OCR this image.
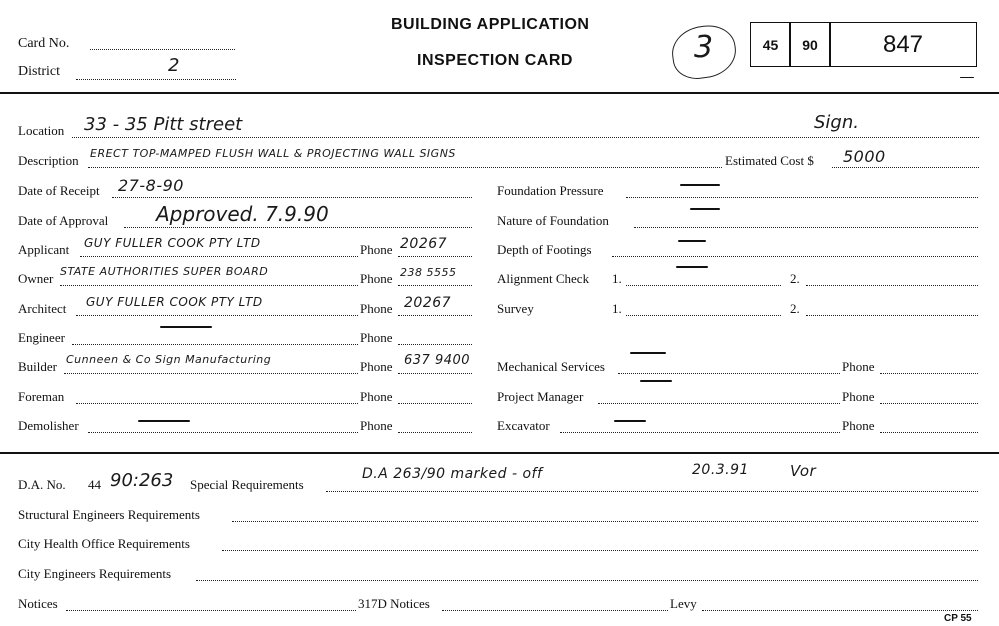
Card No.
District	2
BUILDING APPLICATION
INSPECTION CARD	3	45	90	847
Location 33 - 35 Pitt street	Sign.
Description ERECT TOP-MAMPED FLUSH WALL & PROJECTING WALL SIGNS	Estimated Cost $ 5000
Date of Receipt 27-8-90
Date of Approval Approved. 7.9.90
Applicant GUY FULLER COOK PTY LTD	Phone 20267
Owner STATE AUTHORITIES SUPER BOARD	Phone 238 5555
Architect GUY FULLER COOK PTY LTD	Phone 20267
Engineer	Phone
Builder Cunneen & Co Sign Manufacturing	Phone 637 9400
Foreman	Phone
Demolisher	Phone
Foundation Pressure
Nature of Foundation
Depth of Footings
Alignment Check 1.	2.
Survey	1.	2.
Mechanical Services	Phone
Project Manager	Phone
Excavator	Phone
D.A. No. 44 90:263 Special Requirements
D.A 263/90 marked - off	20.3.91	Vor
Structural Engineers Requirements
City Health Office Requirements
City Engineers Requirements
Notices	317D Notices	Levy
CP 55
